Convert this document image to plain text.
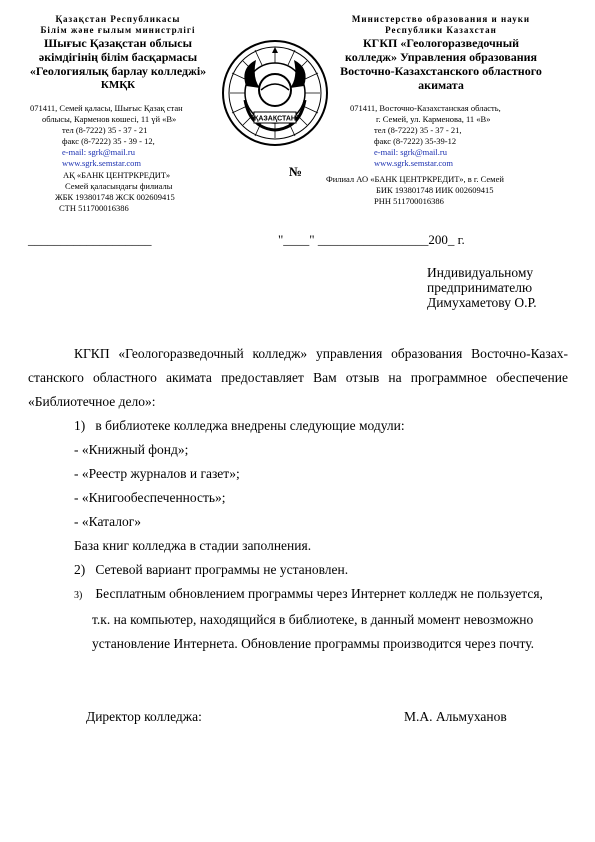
Қазақстан Республикасы
Білім және ғылым министрлігі
Шығыс Қазақстан облысы
әкімдігінің білім басқармасы
«Геологиялық барлау колледжі»
КМҚК
071411, Семей қаласы, Шығыс Қазақ стан
облысы, Карменов көшесі, 11 үй «В»
тел (8-7222) 35 - 37 - 21
факс (8-7222) 35 - 39 - 12,
e-mail: sgrk@mail.ru
www.sgrk.semstar.com
АҚ «БАНК ЦЕНТРКРЕДИТ»
Семей қаласындағы филиалы
ЖБК 193801748 ЖСК 002609415
СТН 511700016386
ҚАЗАҚСТАН
Министерство образования и науки
Республики Казахстан
КГКП «Геологоразведочный
колледж» Управления образования
Восточно-Казахстанского областного
акимата
071411, Восточно-Казахстанская область,
г. Семей, ул. Карменова, 11 «В»
тел (8-7222) 35 - 37 - 21,
факс (8-7222) 35-39-12
e-mail: sgrk@mail.ru
www.sgrk.semstar.com
Филиал АО «БАНК ЦЕНТРКРЕДИТ», в г. Семей
БИК 193801748 ИИК 002609415
РНН 511700016386
№
___________________	"____" _________________200_ г.
Индивидуальному
предпринимателю
Димухаметову О.Р.
КГКП «Геологоразведочный колледж» управления образования Восточно-Казах-
станского областного акимата предоставляет Вам отзыв на программное обеспечение
«Библиотечное дело»:
1) в библиотеке колледжа внедрены следующие модули:
- «Книжный фонд»;
- «Реестр журналов и газет»;
- «Книгообеспеченность»;
- «Каталог»
База книг колледжа в стадии заполнения.
2) Сетевой вариант программы не установлен.
3) Бесплатным обновлением программы через Интернет колледж не пользуется,
т.к. на компьютер, находящийся в библиотеке, в данный момент невозможно
установление Интернета. Обновление программы производится через почту.
Директор колледжа:	М.А. Альмуханов
